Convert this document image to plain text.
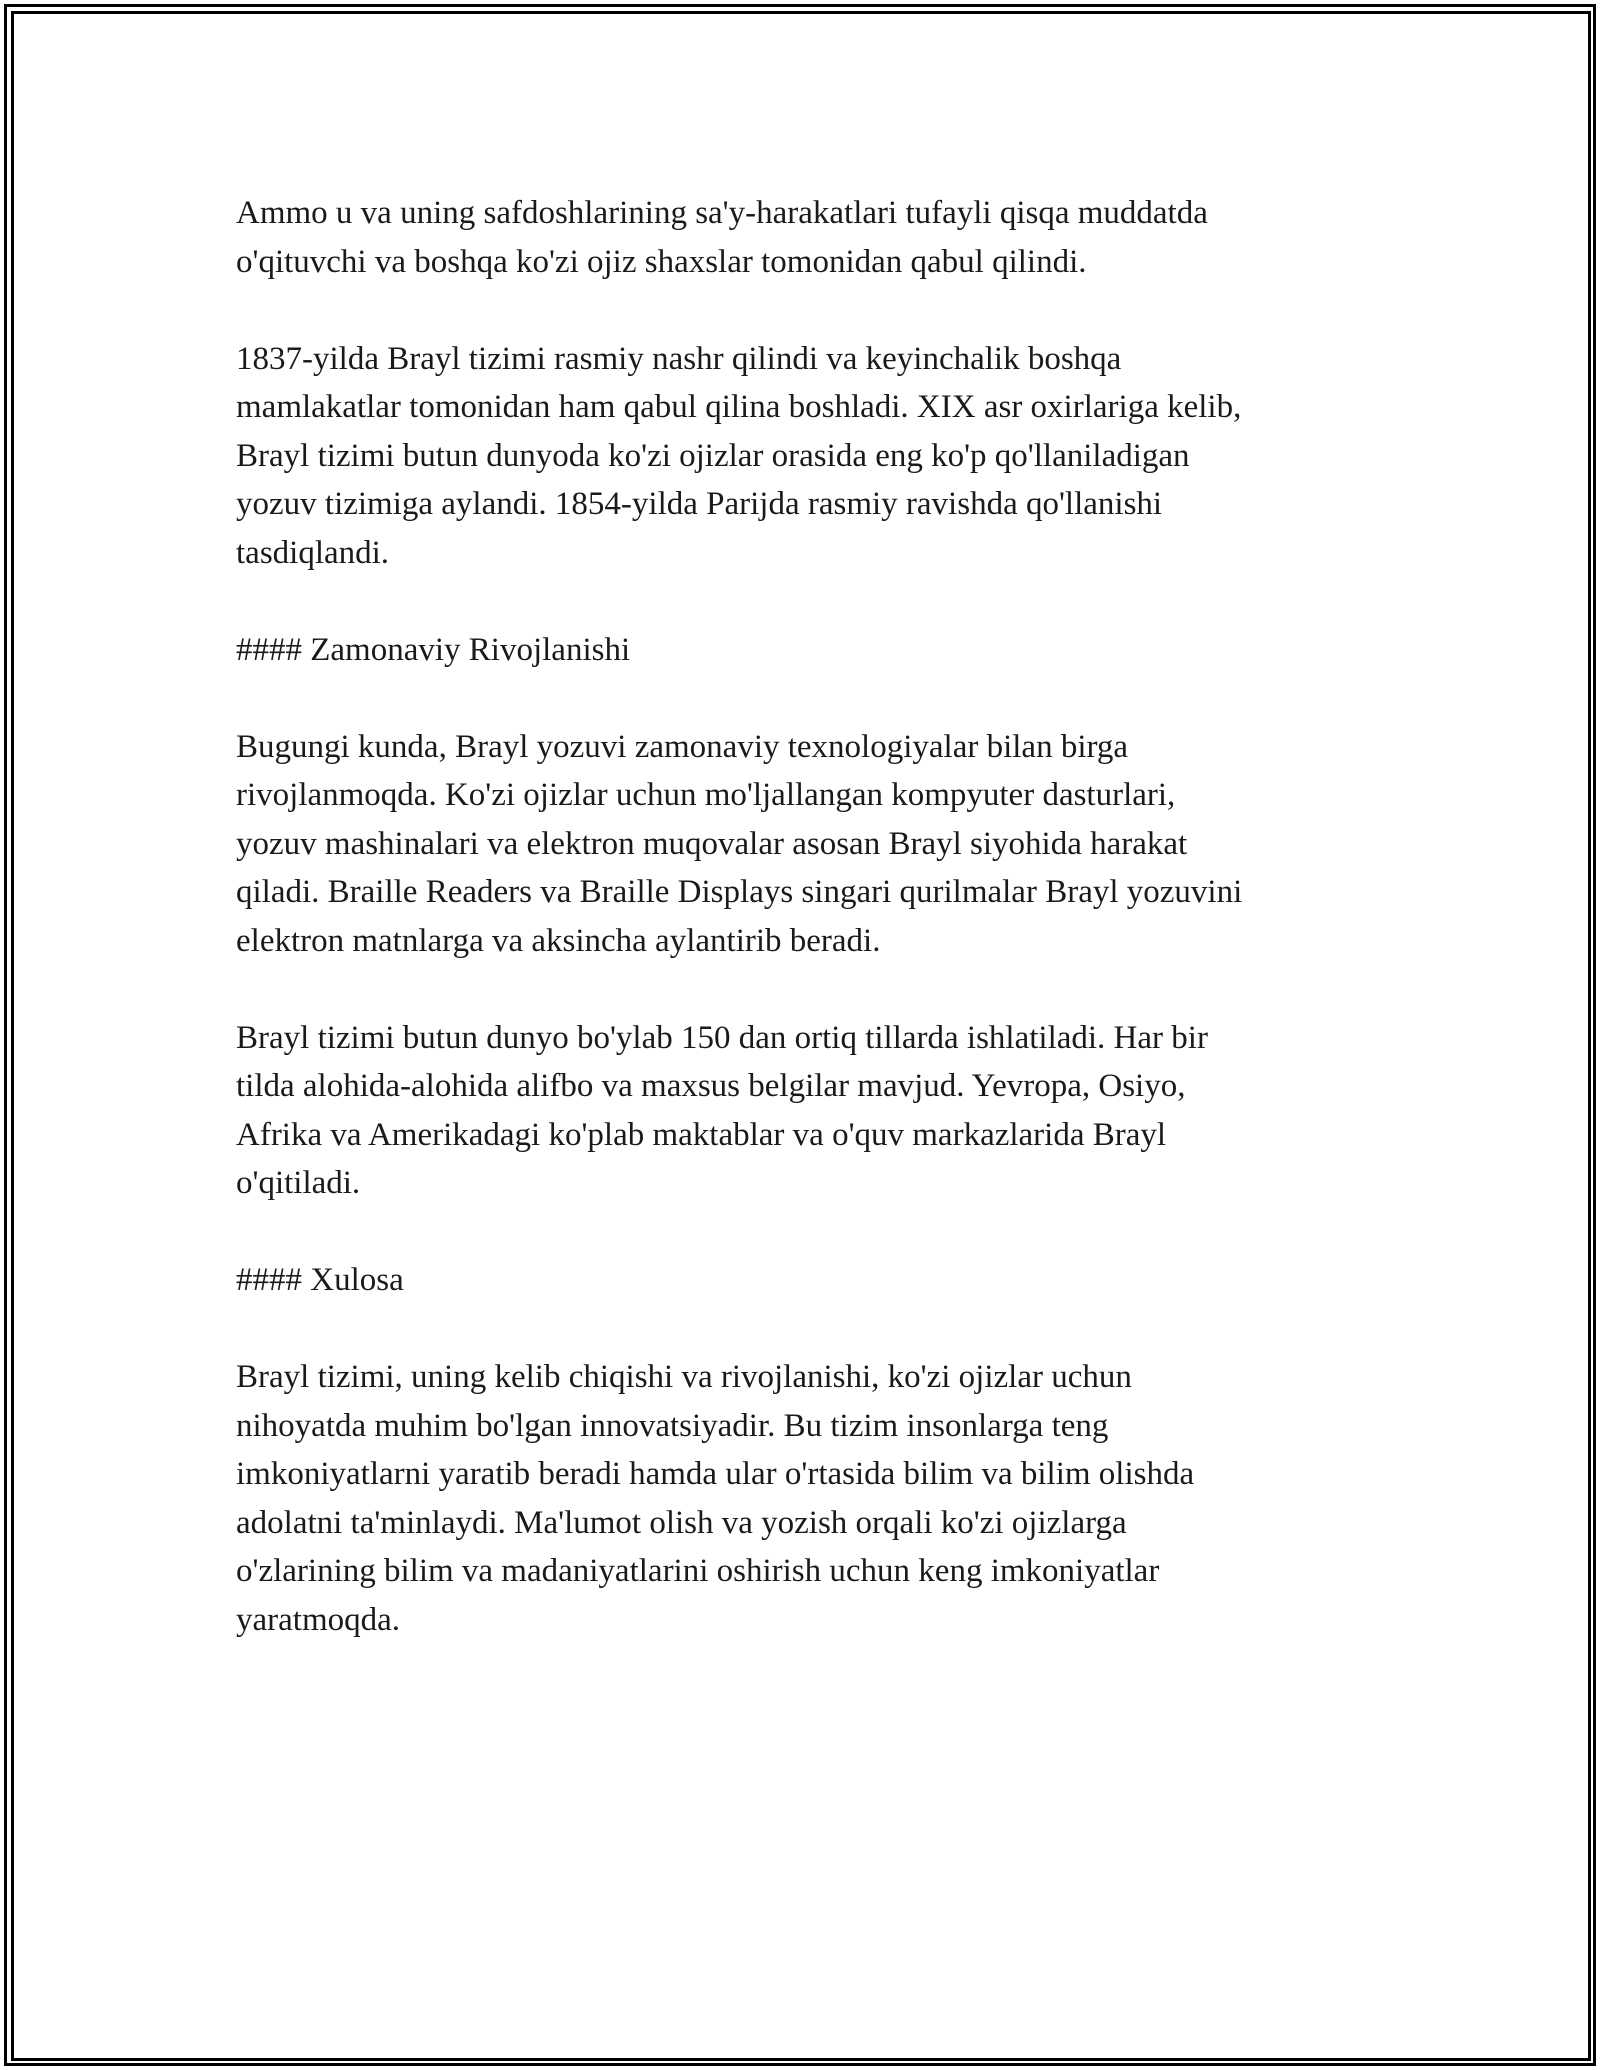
Ammo u va uning safdoshlarining sa'y-harakatlari tufayli qisqa muddatda
o'qituvchi va boshqa ko'zi ojiz shaxslar tomonidan qabul qilindi.

1837-yilda Brayl tizimi rasmiy nashr qilindi va keyinchalik boshqa
mamlakatlar tomonidan ham qabul qilina boshladi. XIX asr oxirlariga kelib,
Brayl tizimi butun dunyoda ko'zi ojizlar orasida eng ko'p qo'llaniladigan
yozuv tizimiga aylandi. 1854-yilda Parijda rasmiy ravishda qo'llanishi
tasdiqlandi.

#### Zamonaviy Rivojlanishi

Bugungi kunda, Brayl yozuvi zamonaviy texnologiyalar bilan birga
rivojlanmoqda. Ko'zi ojizlar uchun mo'ljallangan kompyuter dasturlari,
yozuv mashinalari va elektron muqovalar asosan Brayl siyohida harakat
qiladi. Braille Readers va Braille Displays singari qurilmalar Brayl yozuvini
elektron matnlarga va aksincha aylantirib beradi.

Brayl tizimi butun dunyo bo'ylab 150 dan ortiq tillarda ishlatiladi. Har bir
tilda alohida-alohida alifbo va maxsus belgilar mavjud. Yevropa, Osiyo,
Afrika va Amerikadagi ko'plab maktablar va o'quv markazlarida Brayl
o'qitiladi.

#### Xulosa

Brayl tizimi, uning kelib chiqishi va rivojlanishi, ko'zi ojizlar uchun
nihoyatda muhim bo'lgan innovatsiyadir. Bu tizim insonlarga teng
imkoniyatlarni yaratib beradi hamda ular o'rtasida bilim va bilim olishda
adolatni ta'minlaydi. Ma'lumot olish va yozish orqali ko'zi ojizlarga
o'zlarining bilim va madaniyatlarini oshirish uchun keng imkoniyatlar
yaratmoqda.
